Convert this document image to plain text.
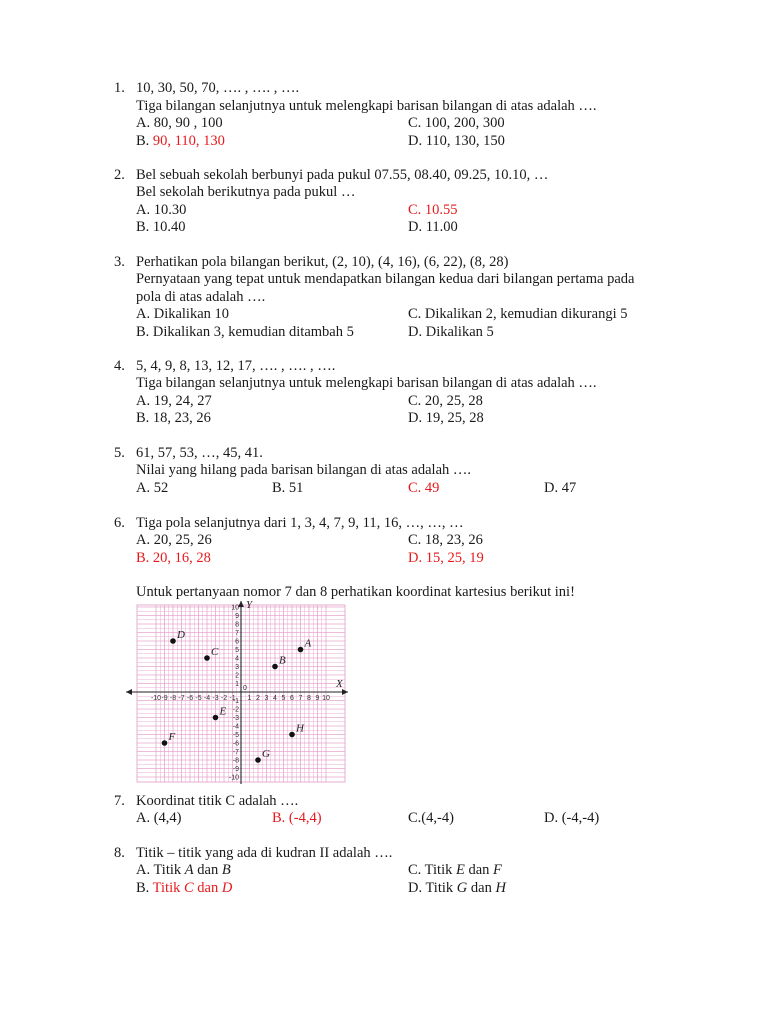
1. 10, 30, 50, 70, …. , …. , ….
Tiga bilangan selanjutnya untuk melengkapi barisan bilangan di atas adalah ….
A. 80, 90 , 100	C. 100, 200, 300
B. 90, 110, 130	D. 110, 130, 150
2. Bel sebuah sekolah berbunyi pada pukul 07.55, 08.40, 09.25, 10.10, …
Bel sekolah berikutnya pada pukul …
A. 10.30	C. 10.55
B. 10.40	D. 11.00
3. Perhatikan pola bilangan berikut, (2, 10), (4, 16), (6, 22), (8, 28)
Pernyataan yang tepat untuk mendapatkan bilangan kedua dari bilangan pertama pada
pola di atas adalah ….
A. Dikalikan 10	C. Dikalikan 2, kemudian dikurangi 5
B. Dikalikan 3, kemudian ditambah 5	D. Dikalikan 5
4. 5, 4, 9, 8, 13, 12, 17, …. , …. , ….
Tiga bilangan selanjutnya untuk melengkapi barisan bilangan di atas adalah ….
A. 19, 24, 27	C. 20, 25, 28
B. 18, 23, 26	D. 19, 25, 28
5. 61, 57, 53, …, 45, 41.
Nilai yang hilang pada barisan bilangan di atas adalah ….
A. 52	B. 51	C. 49	D. 47
6. Tiga pola selanjutnya dari 1, 3, 4, 7, 9, 11, 16, …, …, …
A. 20, 25, 26	C. 18, 23, 26
B. 20, 16, 28	D. 15, 25, 19
Untuk pertanyaan nomor 7 dan 8 perhatikan koordinat kartesius berikut ini!
X
Y
0
-10 -9 -8 -7 -6 -5 -4 -3 -2 -1 1 2 3 4 5 6 7 8 9 10
10
9
8
7
6
5
4
3
2
1
-1
-2
-3
-4
-5
-6
-7
-8
-9
-10
A
B
C
D
E
F
G
H
7. Koordinat titik C adalah ….
A. (4,4)	B. (-4,4)	C.(4,-4)	D. (-4,-4)
8. Titik – titik yang ada di kudran II adalah ….
A. Titik A dan B	C. Titik E dan F
B. Titik C dan D	D. Titik G dan H
